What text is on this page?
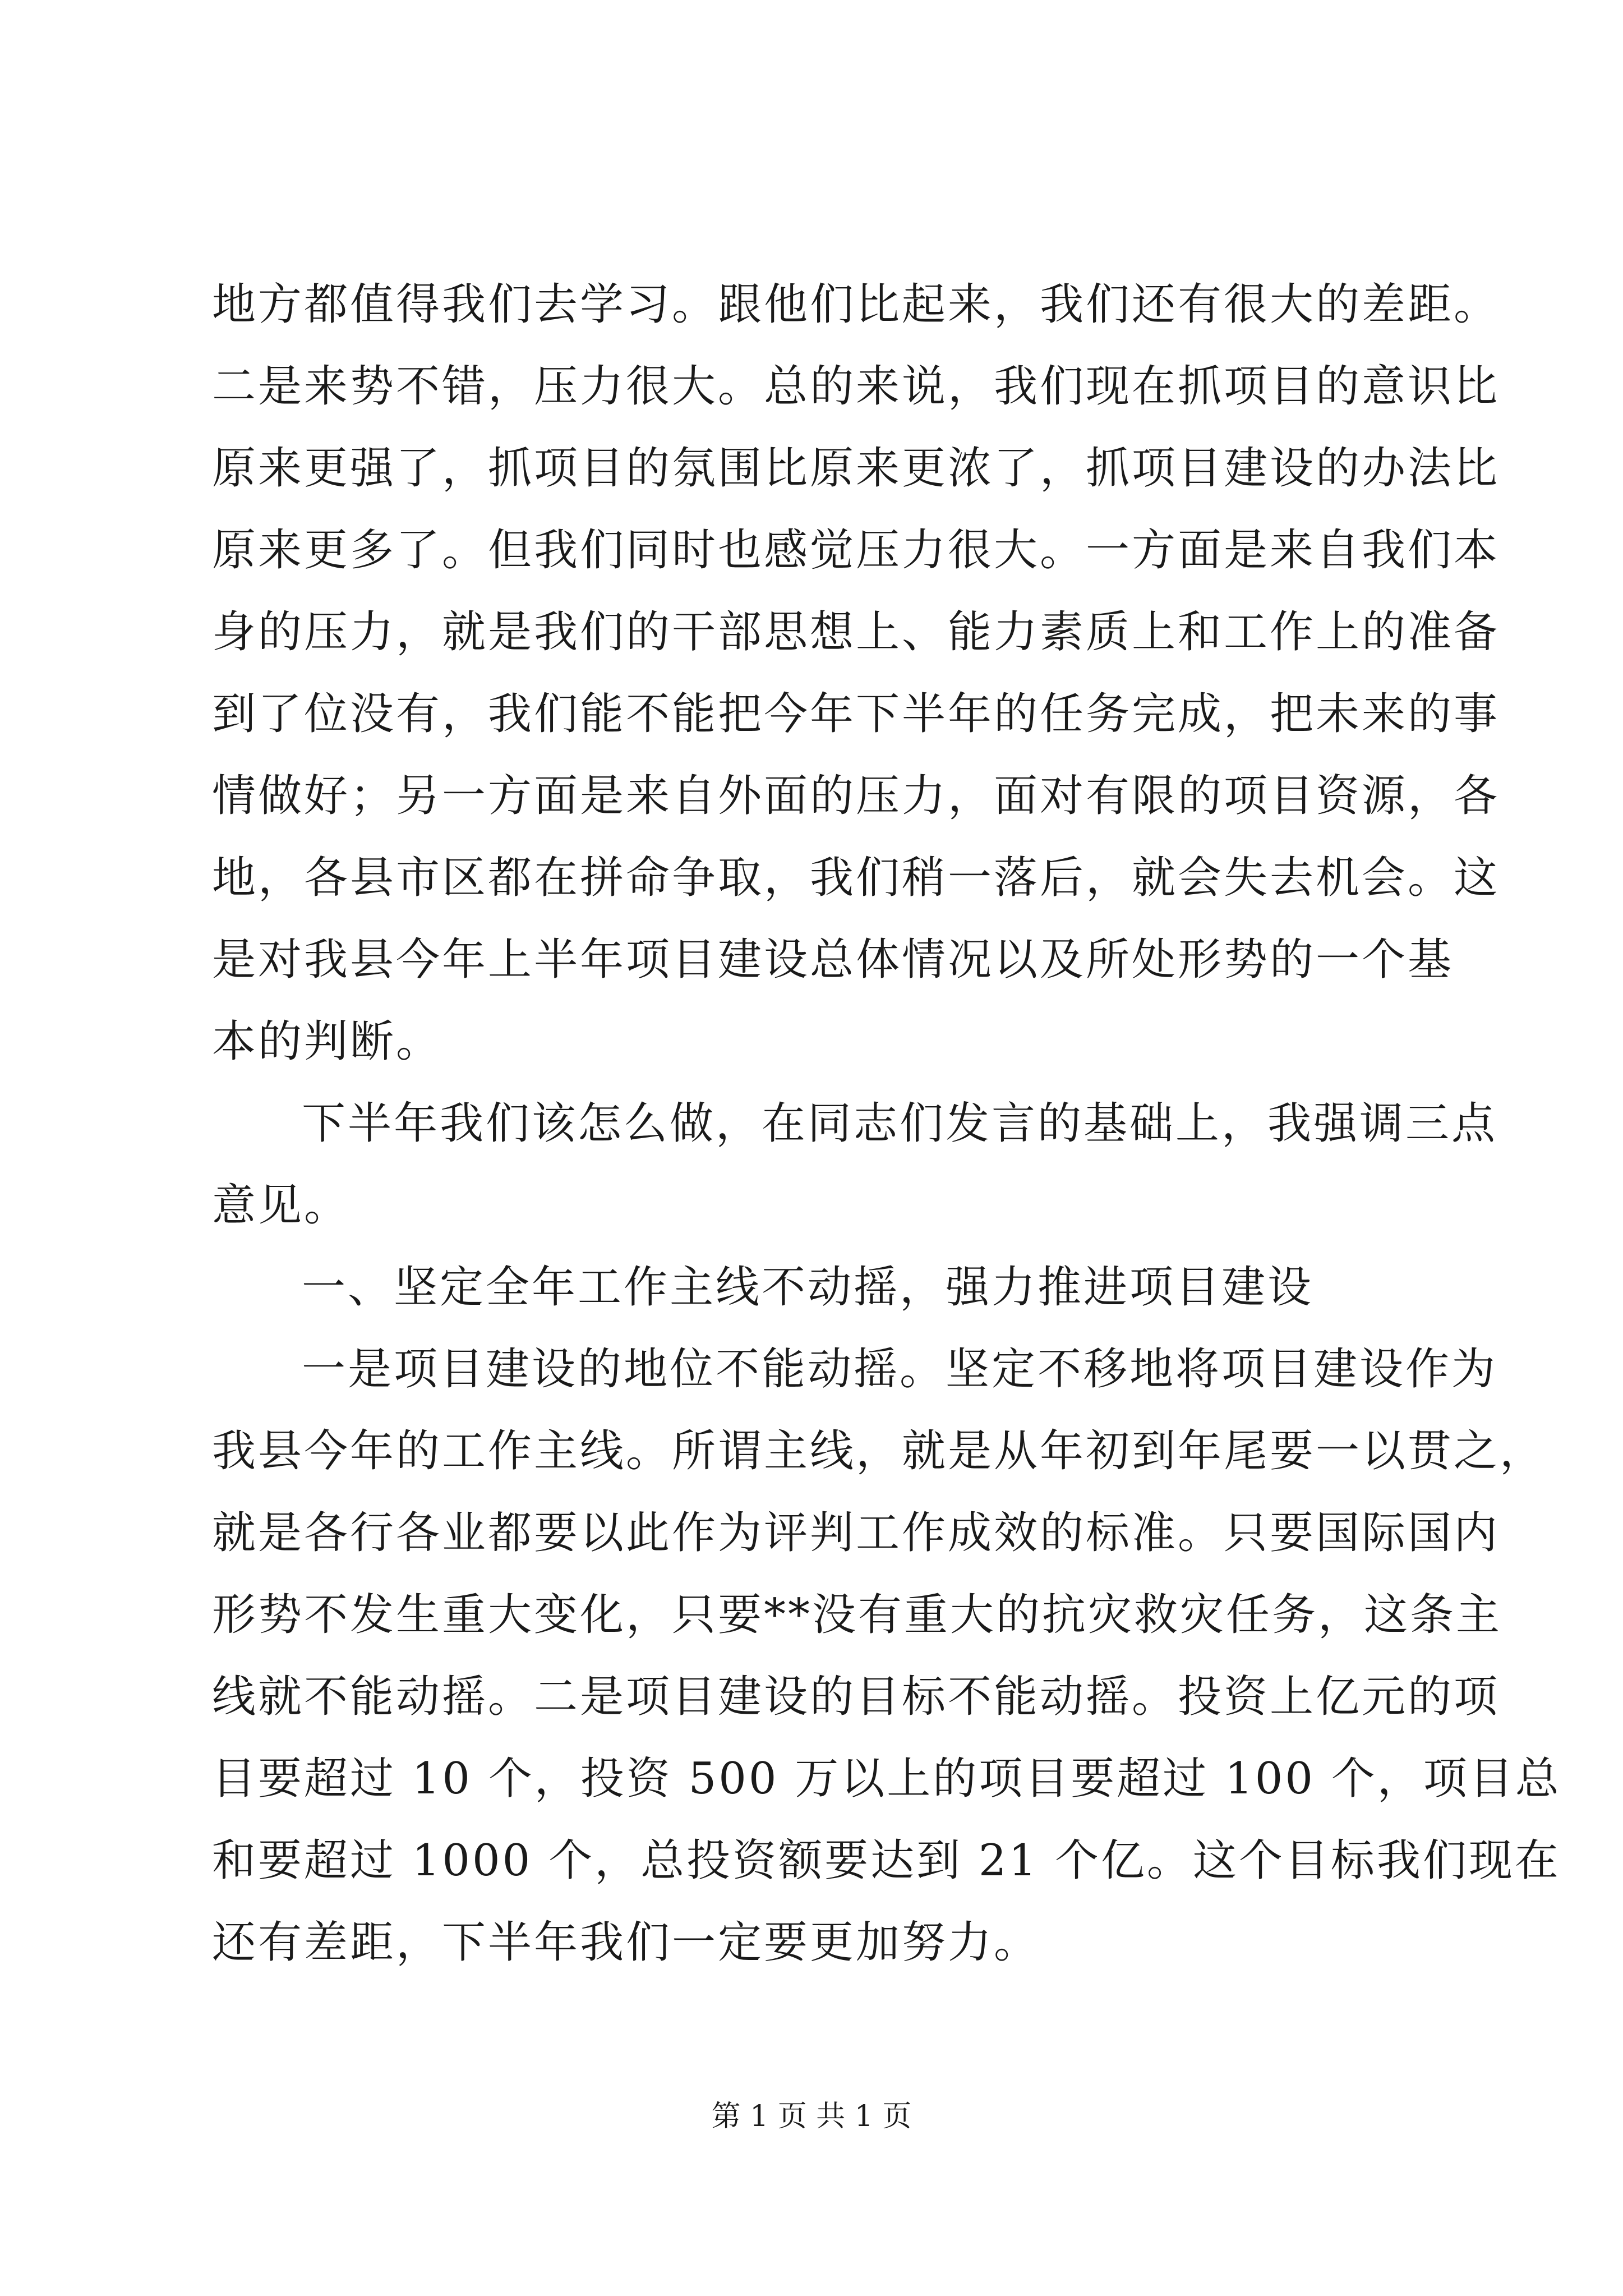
地方都值得我们去学习。跟他们比起来，我们还有很大的差距。
二是来势不错，压力很大。总的来说，我们现在抓项目的意识比
原来更强了，抓项目的氛围比原来更浓了，抓项目建设的办法比
原来更多了。但我们同时也感觉压力很大。一方面是来自我们本
身的压力，就是我们的干部思想上、能力素质上和工作上的准备
到了位没有，我们能不能把今年下半年的任务完成，把未来的事
情做好；另一方面是来自外面的压力，面对有限的项目资源，各
地，各县市区都在拼命争取，我们稍一落后，就会失去机会。这
是对我县今年上半年项目建设总体情况以及所处形势的一个基
本的判断。
下半年我们该怎么做，在同志们发言的基础上，我强调三点
意见。
一、坚定全年工作主线不动摇，强力推进项目建设
一是项目建设的地位不能动摇。坚定不移地将项目建设作为
我县今年的工作主线。所谓主线，就是从年初到年尾要一以贯之，
就是各行各业都要以此作为评判工作成效的标准。只要国际国内
形势不发生重大变化，只要**没有重大的抗灾救灾任务，这条主
线就不能动摇。二是项目建设的目标不能动摇。投资上亿元的项
目要超过 10 个，投资 500 万以上的项目要超过 100 个，项目总
和要超过 1000 个，总投资额要达到 21 个亿。这个目标我们现在
还有差距，下半年我们一定要更加努力。
第 1 页 共 1 页
